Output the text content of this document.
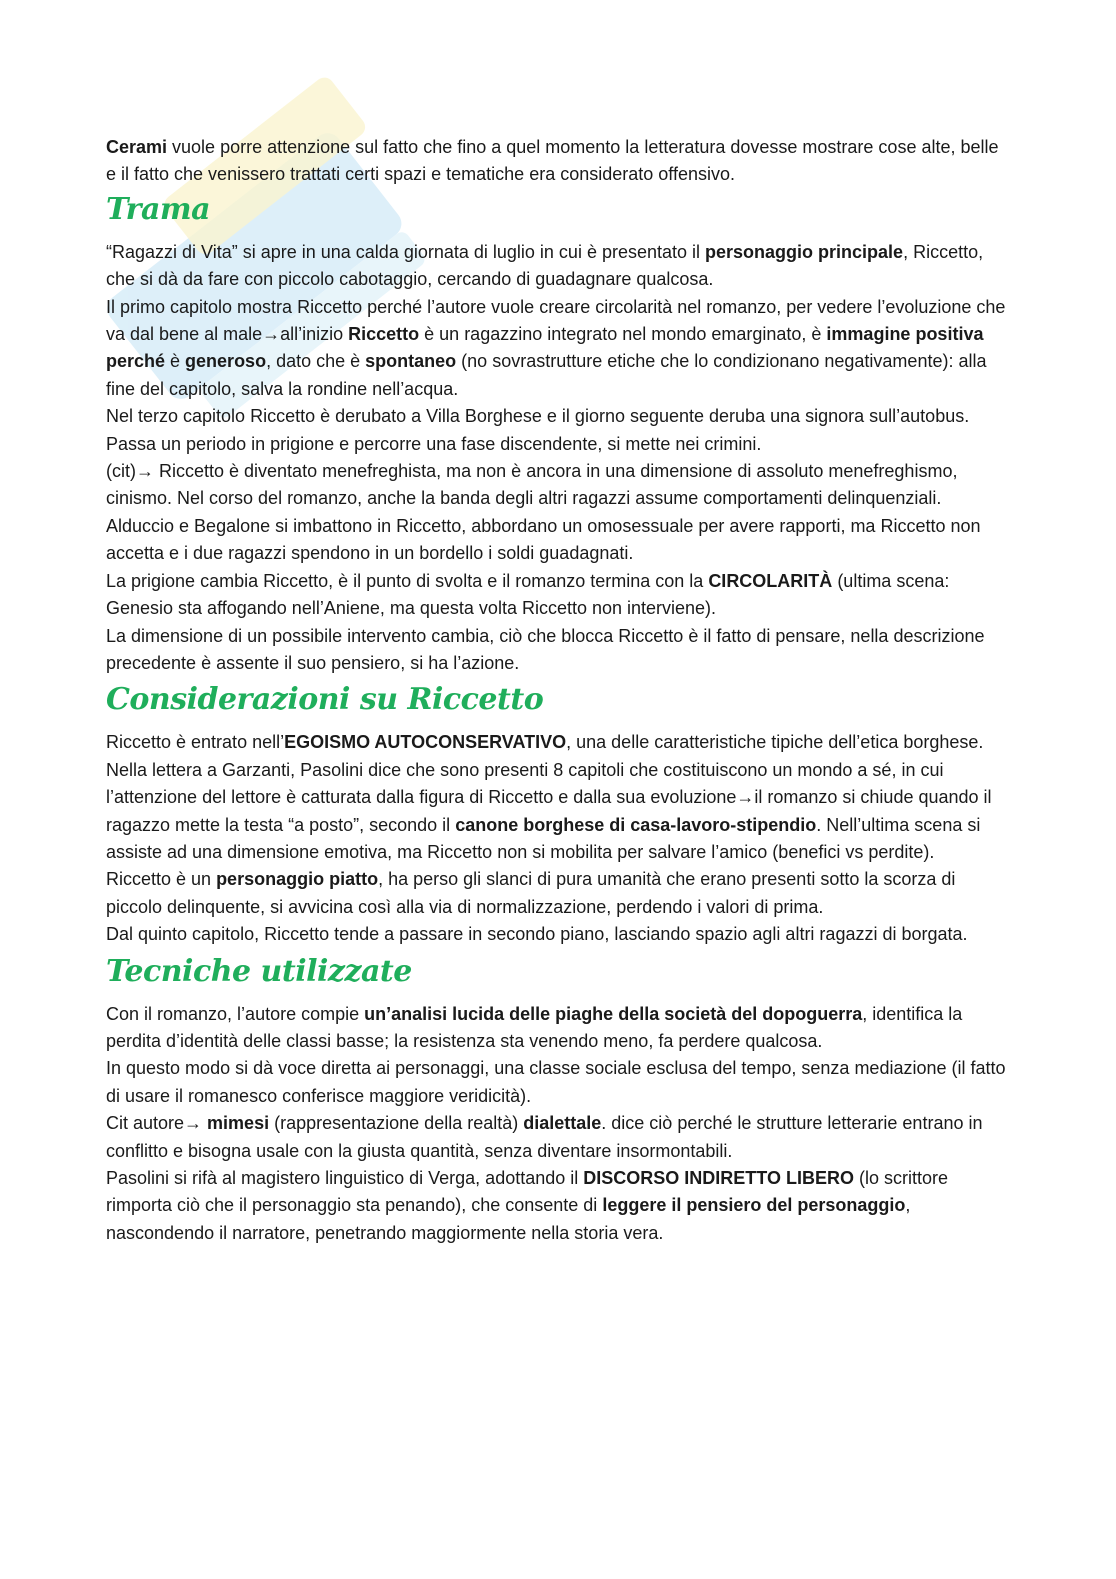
Cerami vuole porre attenzione sul fatto che fino a quel momento la letteratura dovesse mostrare cose alte, belle e il fatto che venissero trattati certi spazi e tematiche era considerato offensivo.

Trama

“Ragazzi di Vita” si apre in una calda giornata di luglio in cui è presentato il personaggio principale, Riccetto, che si dà da fare con piccolo cabotaggio, cercando di guadagnare qualcosa.

Il primo capitolo mostra Riccetto perché l’autore vuole creare circolarità nel romanzo, per vedere l’evoluzione che va dal bene al male→all’inizio Riccetto è un ragazzino integrato nel mondo emarginato, è immagine positiva perché è generoso, dato che è spontaneo (no sovrastrutture etiche che lo condizionano negativamente): alla fine del capitolo, salva la rondine nell’acqua.

Nel terzo capitolo Riccetto è derubato a Villa Borghese e il giorno seguente deruba una signora sull’autobus. Passa un periodo in prigione e percorre una fase discendente, si mette nei crimini.

(cit)→ Riccetto è diventato menefreghista, ma non è ancora in una dimensione di assoluto menefreghismo, cinismo. Nel corso del romanzo, anche la banda degli altri ragazzi assume comportamenti delinquenziali.

Alduccio e Begalone si imbattono in Riccetto, abbordano un omosessuale per avere rapporti, ma Riccetto non accetta e i due ragazzi spendono in un bordello i soldi guadagnati.

La prigione cambia Riccetto, è il punto di svolta e il romanzo termina con la CIRCOLARITÀ (ultima scena: Genesio sta affogando nell’Aniene, ma questa volta Riccetto non interviene).

La dimensione di un possibile intervento cambia, ciò che blocca Riccetto è il fatto di pensare, nella descrizione precedente è assente il suo pensiero, si ha l’azione.

Considerazioni su Riccetto

Riccetto è entrato nell’EGOISMO AUTOCONSERVATIVO, una delle caratteristiche tipiche dell’etica borghese.

Nella lettera a Garzanti, Pasolini dice che sono presenti 8 capitoli che costituiscono un mondo a sé, in cui l’attenzione del lettore è catturata dalla figura di Riccetto e dalla sua evoluzione→il romanzo si chiude quando il ragazzo mette la testa “a posto”, secondo il canone borghese di casa-lavoro-stipendio. Nell’ultima scena si assiste ad una dimensione emotiva, ma Riccetto non si mobilita per salvare l’amico (benefici vs perdite).

Riccetto è un personaggio piatto, ha perso gli slanci di pura umanità che erano presenti sotto la scorza di piccolo delinquente, si avvicina così alla via di normalizzazione, perdendo i valori di prima.

Dal quinto capitolo, Riccetto tende a passare in secondo piano, lasciando spazio agli altri ragazzi di borgata.

Tecniche utilizzate

Con il romanzo, l’autore compie un’analisi lucida delle piaghe della società del dopoguerra, identifica la perdita d’identità delle classi basse; la resistenza sta venendo meno, fa perdere qualcosa.

In questo modo si dà voce diretta ai personaggi, una classe sociale esclusa del tempo, senza mediazione (il fatto di usare il romanesco conferisce maggiore veridicità).

Cit autore→ mimesi (rappresentazione della realtà) dialettale. dice ciò perché le strutture letterarie entrano in conflitto e bisogna usale con la giusta quantità, senza diventare insormontabili.

Pasolini si rifà al magistero linguistico di Verga, adottando il DISCORSO INDIRETTO LIBERO (lo scrittore rimporta ciò che il personaggio sta penando), che consente di leggere il pensiero del personaggio, nascondendo il narratore, penetrando maggiormente nella storia vera.
